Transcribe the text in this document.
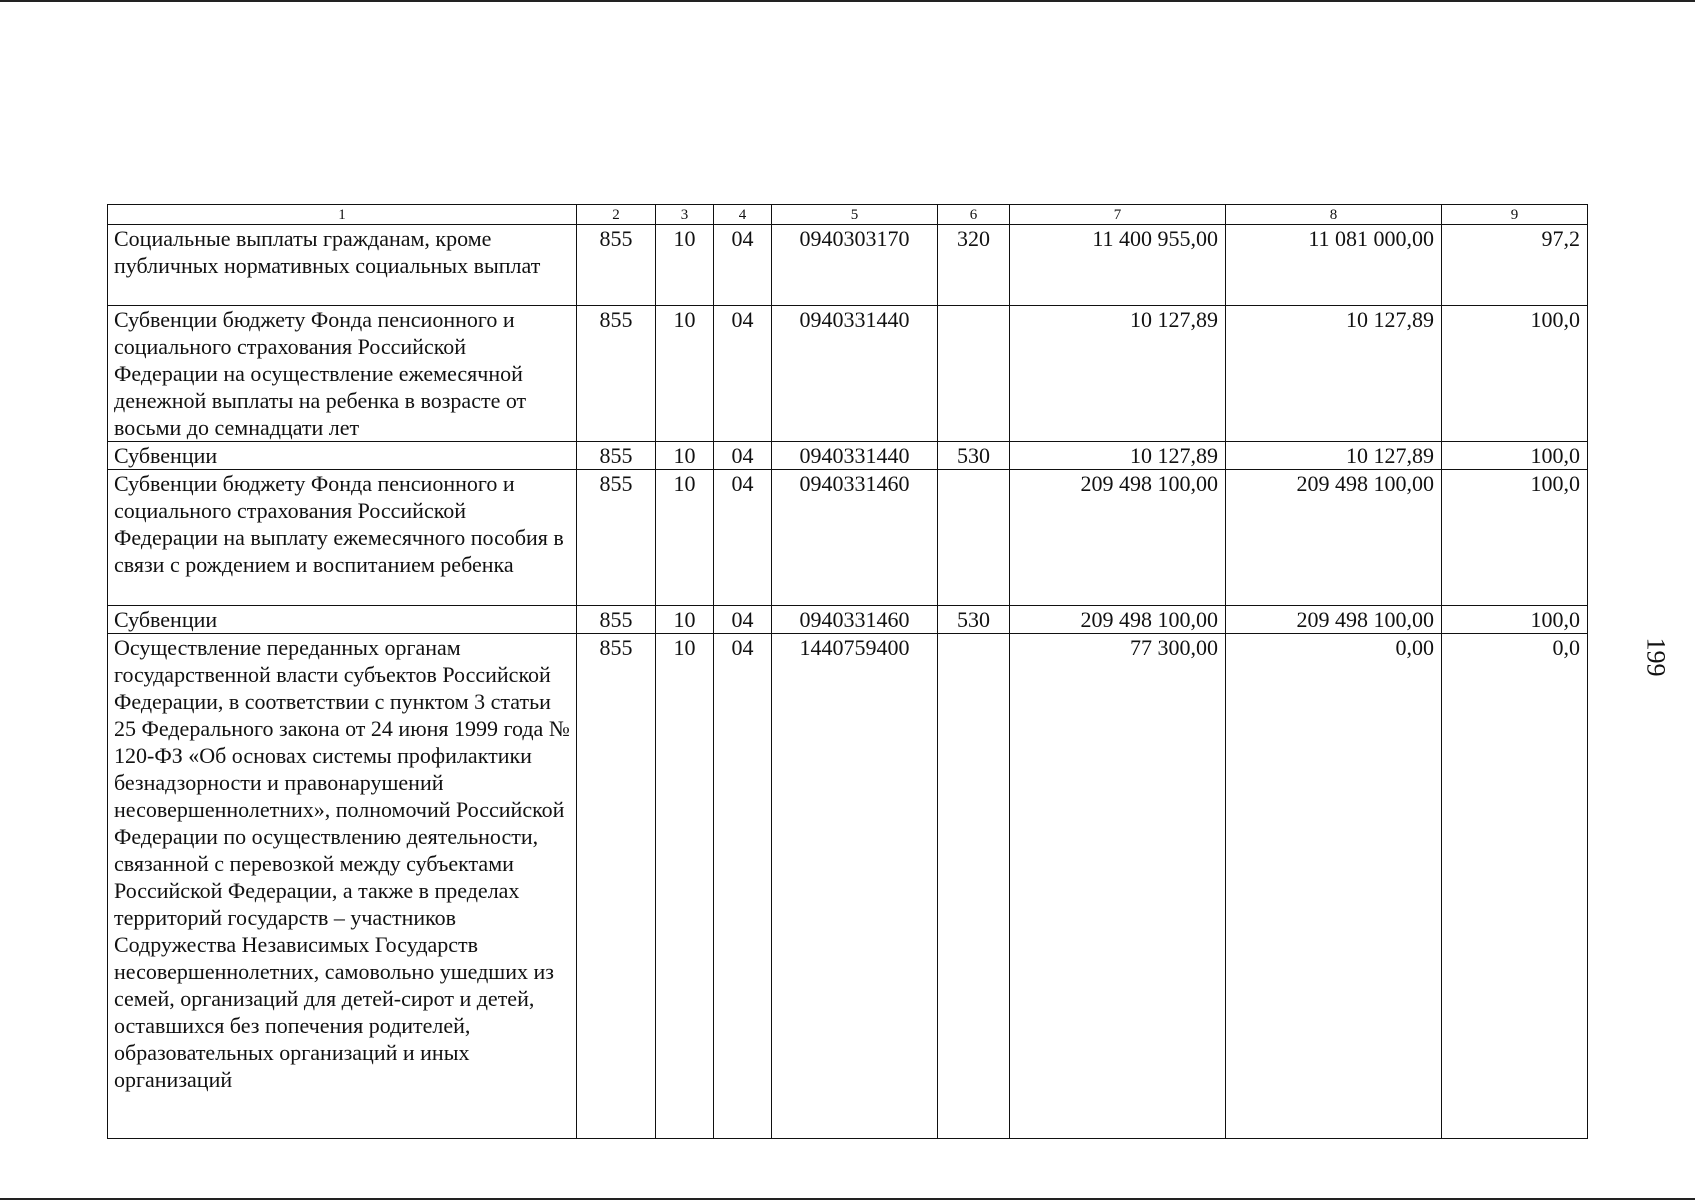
1	2	3	4	5	6	7	8	9
Социальные выплаты гражданам, кроме публичных нормативных социальных выплат	855	10	04	0940303170	320	11 400 955,00	11 081 000,00	97,2
Субвенции бюджету Фонда пенсионного и социального страхования Российской Федерации на осуществление ежемесячной денежной выплаты на ребенка в возрасте от восьми до семнадцати лет	855	10	04	0940331440		10 127,89	10 127,89	100,0
Субвенции	855	10	04	0940331440	530	10 127,89	10 127,89	100,0
Субвенции бюджету Фонда пенсионного и социального страхования Российской Федерации на выплату ежемесячного пособия в связи с рождением и воспитанием ребенка	855	10	04	0940331460		209 498 100,00	209 498 100,00	100,0
Субвенции	855	10	04	0940331460	530	209 498 100,00	209 498 100,00	100,0
Осуществление переданных органам государственной власти субъектов Российской Федерации, в соответствии с пунктом 3 статьи 25 Федерального закона от 24 июня 1999 года № 120-ФЗ «Об основах системы профилактики безнадзорности и правонарушений несовершеннолетних», полномочий Российской Федерации по осуществлению деятельности, связанной с перевозкой между субъектами Российской Федерации, а также в пределах территорий государств – участников Содружества Независимых Государств несовершеннолетних, самовольно ушедших из семей, организаций для детей-сирот и детей, оставшихся без попечения родителей, образовательных организаций и иных организаций	855	10	04	1440759400		77 300,00	0,00	0,0 199
